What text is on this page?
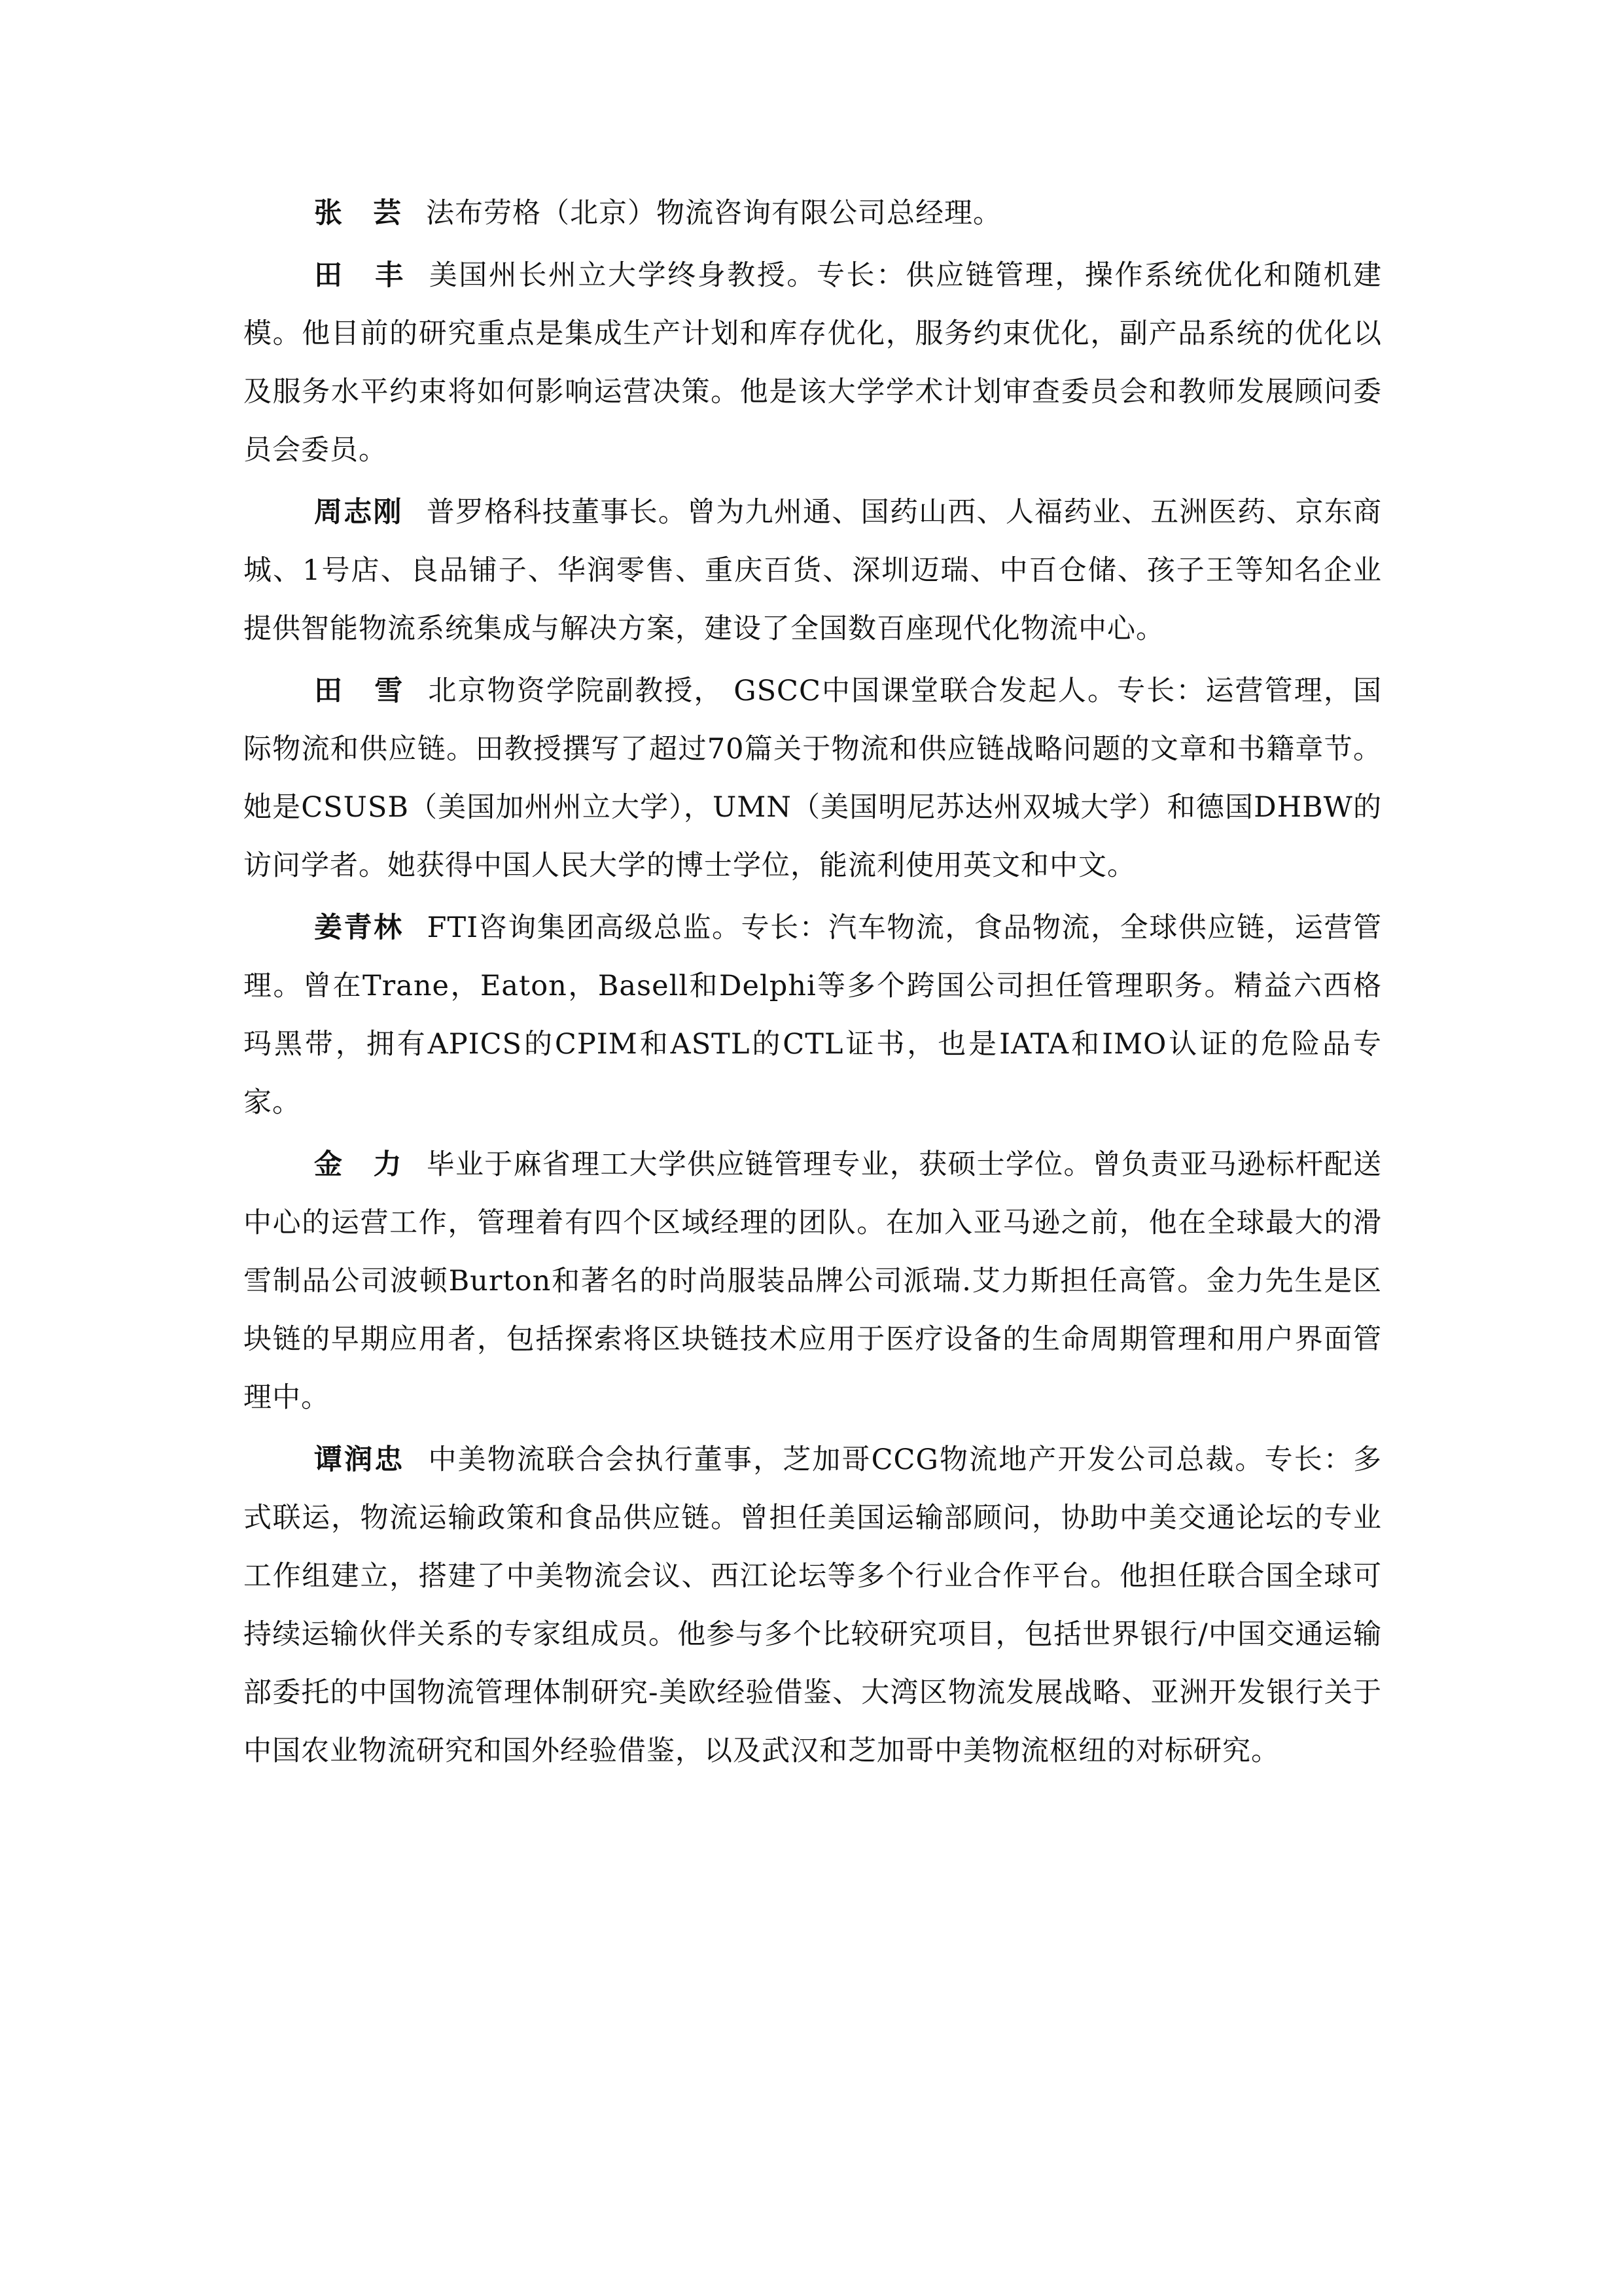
张　芸 法布劳格（北京）物流咨询有限公司总经理。

田　丰 美国州长州立大学终身教授。专长：供应链管理，操作系统优化和随机建模。他目前的研究重点是集成生产计划和库存优化，服务约束优化，副产品系统的优化以及服务水平约束将如何影响运营决策。他是该大学学术计划审查委员会和教师发展顾问委员会委员。

周志刚 普罗格科技董事长。曾为九州通、国药山西、人福药业、五洲医药、京东商城、1号店、良品铺子、华润零售、重庆百货、深圳迈瑞、中百仓储、孩子王等知名企业提供智能物流系统集成与解决方案，建设了全国数百座现代化物流中心。

田　雪 北京物资学院副教授， GSCC中国课堂联合发起人。专长：运营管理，国际物流和供应链。田教授撰写了超过70篇关于物流和供应链战略问题的文章和书籍章节。她是CSUSB（美国加州州立大学），UMN（美国明尼苏达州双城大学）和德国DHBW的访问学者。她获得中国人民大学的博士学位，能流利使用英文和中文。

姜青林 FTI咨询集团高级总监。专长：汽车物流，食品物流，全球供应链，运营管理。曾在Trane，Eaton，Basell和Delphi等多个跨国公司担任管理职务。精益六西格玛黑带，拥有APICS的CPIM和ASTL的CTL证书，也是IATA和IMO认证的危险品专家。

金　力 毕业于麻省理工大学供应链管理专业，获硕士学位。曾负责亚马逊标杆配送中心的运营工作，管理着有四个区域经理的团队。在加入亚马逊之前，他在全球最大的滑雪制品公司波顿Burton和著名的时尚服装品牌公司派瑞.艾力斯担任高管。金力先生是区块链的早期应用者，包括探索将区块链技术应用于医疗设备的生命周期管理和用户界面管理中。

谭润忠 中美物流联合会执行董事，芝加哥CCG物流地产开发公司总裁。专长：多式联运，物流运输政策和食品供应链。曾担任美国运输部顾问，协助中美交通论坛的专业工作组建立，搭建了中美物流会议、西江论坛等多个行业合作平台。他担任联合国全球可持续运输伙伴关系的专家组成员。他参与多个比较研究项目，包括世界银行/中国交通运输部委托的中国物流管理体制研究-美欧经验借鉴、大湾区物流发展战略、亚洲开发银行关于中国农业物流研究和国外经验借鉴，以及武汉和芝加哥中美物流枢纽的对标研究。
